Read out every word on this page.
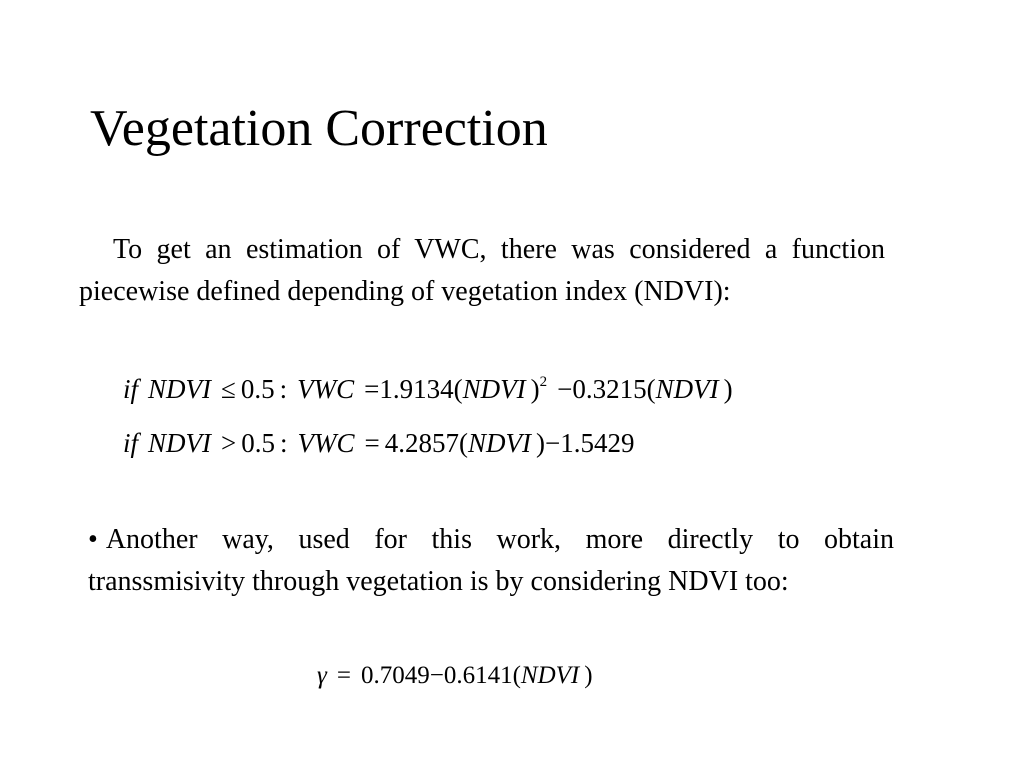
Vegetation Correction

To get an estimation of VWC, there was considered a function piecewise defined depending of vegetation index (NDVI):

if NDVI ≤ 0.5 : VWC =1.9134(NDVI )$^2$ −0.3215(NDVI )
if NDVI > 0.5 : VWC = 4.2857(NDVI )−1.5429

• Another way, used for this work, more directly to obtain transsmisivity through vegetation is by considering NDVI too:

γ = 0.7049−0.6141(NDVI )
